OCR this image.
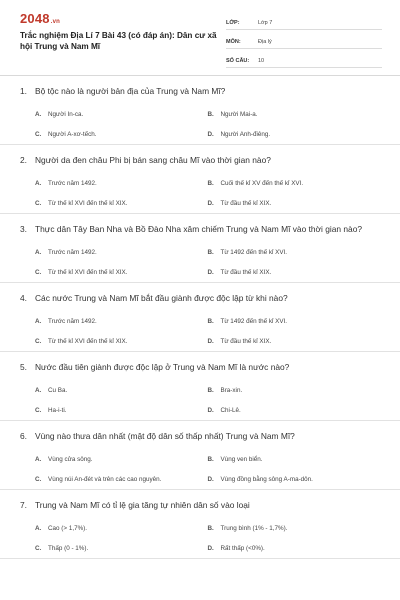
2048.vn
Trắc nghiệm Địa Lí 7 Bài 43 (có đáp án): Dân cư xã hội Trung và Nam Mĩ
LỚP:	Lớp 7
MÔN:	Địa lý
SỐ CÂU:	10
1. Bộ tộc nào là người bản địa của Trung và Nam Mĩ?
A.	Người In-ca.	B.	Người Mai-a.
C.	Người A-xơ-tếch.	D.	Người Anh-điêng.
2. Người da đen châu Phi bị bán sang châu Mĩ vào thời gian nào?
A.	Trước năm 1492.	B.	Cuối thế kỉ XV đến thế kỉ XVI.
C.	Từ thế kỉ XVI đến thế kỉ XIX.	D.	Từ đầu thế kỉ XIX.
3. Thực dân Tây Ban Nha và Bồ Đào Nha xâm chiếm Trung và Nam Mĩ vào thời gian nào?
A.	Trước năm 1492.	B.	Từ 1492 đến thế kỉ XVI.
C.	Từ thế kỉ XVI đến thế kỉ XIX.	D.	Từ đầu thế kỉ XIX.
4. Các nước Trung và Nam Mĩ bắt đầu giành được độc lập từ khi nào?
A.	Trước năm 1492.	B.	Từ 1492 đến thế kỉ XVI.
C.	Từ thế kỉ XVI đến thế kỉ XIX.	D.	Từ đầu thế kỉ XIX.
5. Nước đầu tiên giành được độc lập ở Trung và Nam Mĩ là nước nào?
A.	Cu Ba.	B.	Bra-xin.
C.	Ha-i-ti.	D.	Chi-Lê.
6. Vùng nào thưa dân nhất (mật độ dân số thấp nhất) Trung và Nam Mĩ?
A.	Vùng cửa sông.	B.	Vùng ven biển.
C.	Vùng núi An-đét và trên các cao nguyên.	D.	Vùng đồng bằng sông A-ma-dôn.
7. Trung và Nam Mĩ có tỉ lệ gia tăng tự nhiên dân số vào loại
A.	Cao (> 1,7%).	B.	Trung bình (1% - 1,7%).
C.	Thấp (0 - 1%).	D.	Rất thấp (<0%).
